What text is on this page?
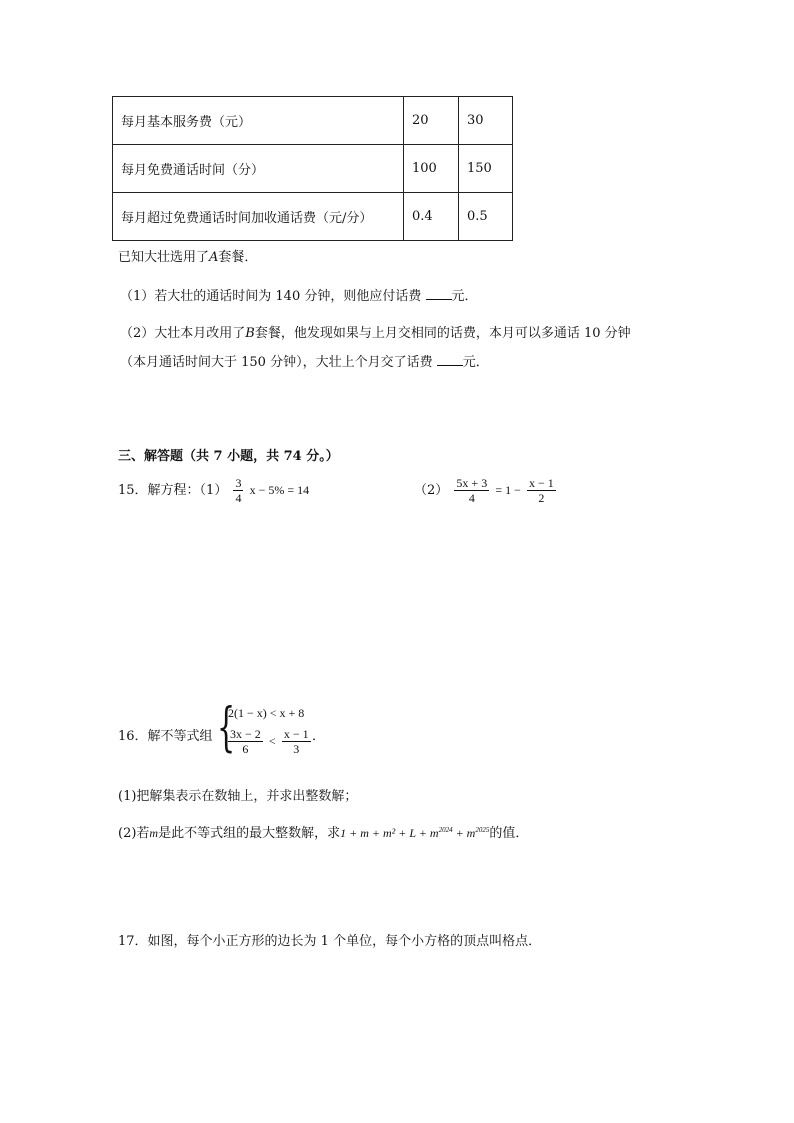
每月基本服务费（元）	20	30
每月免费通话时间（分）	100	150
每月超过免费通话时间加收通话费（元/分）	0.4	0.5
已知大壮选用了A套餐．
（1）若大壮的通话时间为 140 分钟，则他应付话费 元．
（2）大壮本月改用了B套餐，他发现如果与上月交相同的话费，本月可以多通话 10 分钟
（本月通话时间大于 150 分钟），大壮上个月交了话费 元．
三、解答题（共 7 小题，共 74 分。）
15．解方程：$(1) \frac{3}{4}$ x − 5% = 14	$(2) \frac{5x + 3}{4} = 1 - \frac{x - 1}{2}$
16．解不等式组 {
2(1 − x) < x + 8
$\frac{3x - 2}{6} < \frac{x - 1}{3}$ ．
(1)把解集表示在数轴上，并求出整数解；
(2)若m是此不等式组的最大整数解，求$1 + m + m^2 + L + m^{2024} + m^{2025}$的值．
17．如图，每个小正方形的边长为 1 个单位，每个小方格的顶点叫格点．
